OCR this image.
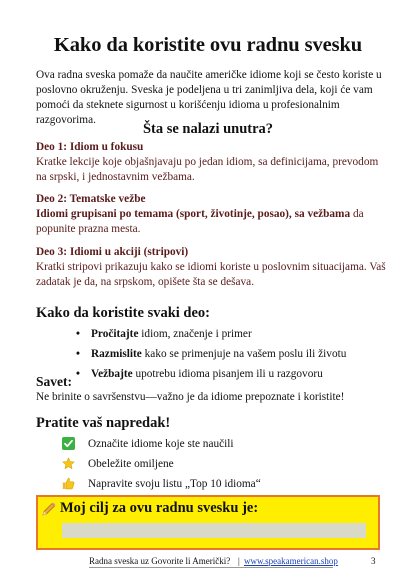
Kako da koristite ovu radnu svesku

Ova radna sveska pomaže da naučite američke idiome koji se često koriste u poslovno okruženju. Sveska je podeljena u tri zanimljiva dela, koji će vam pomoći da steknete sigurnost u korišćenju idioma u profesionalnim razgovorima.

Šta se nalazi unutra?
Deo 1: Idiom u fokusu
Kratke lekcije koje objašnjavaju po jedan idiom, sa definicijama, prevodom na srpski, i jednostavnim vežbama.
Deo 2: Tematske vežbe
Idiomi grupisani po temama (sport, životinje, posao), sa vežbama da popunite prazna mesta.
Deo 3: Idiomi u akciji (stripovi)
Kratki stripovi prikazuju kako se idiomi koriste u poslovnim situacijama. Vaš zadatak je da, na srpskom, opišete šta se dešava.
Kako da koristite svaki deo:
• Pročitajte idiom, značenje i primer
• Razmislite kako se primenjuje na vašem poslu ili životu
• Vežbajte upotrebu idioma pisanjem ili u razgovoru
Savet:

Ne brinite o savršenstvu—važno je da idiome prepoznate i koristite!

Pratite vaš napredak!
Označite idiome koje ste naučili
Obeležite omiljene
Napravite svoju listu „Top 10 idioma“
Moj cilj za ovu radnu svesku je:
Radna sveska uz Govorite li Američki? | www.speakamerican.shop	3
